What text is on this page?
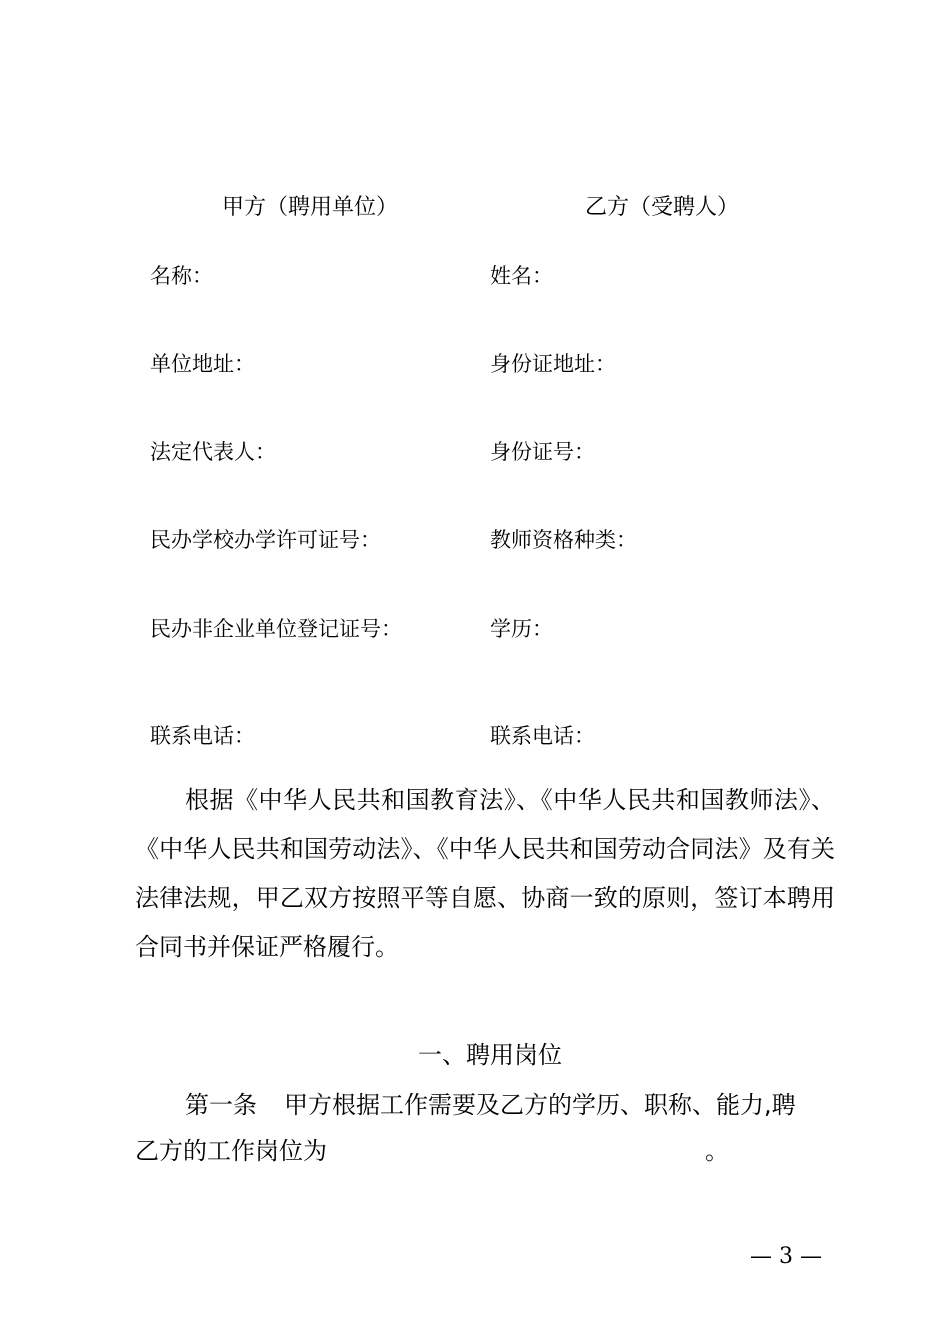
甲方（聘用单位）	乙方（受聘人）
名称：
单位地址：
法定代表人：
民办学校办学许可证号：
民办非企业单位登记证号：
联系电话：
姓名：
身份证地址：
身份证号：
教师资格种类：
学历：
联系电话：
根据《中华人民共和国教育法》、《中华人民共和国教师法》、《中华人民共和国劳动法》、《中华人民共和国劳动合同法》及有关法律法规，甲乙双方按照平等自愿、协商一致的原则，签订本聘用合同书并保证严格履行。
一、聘用岗位
第一条 甲方根据工作需要及乙方的学历、职称、能力,聘
乙方的工作岗位为	。
— 3 —
